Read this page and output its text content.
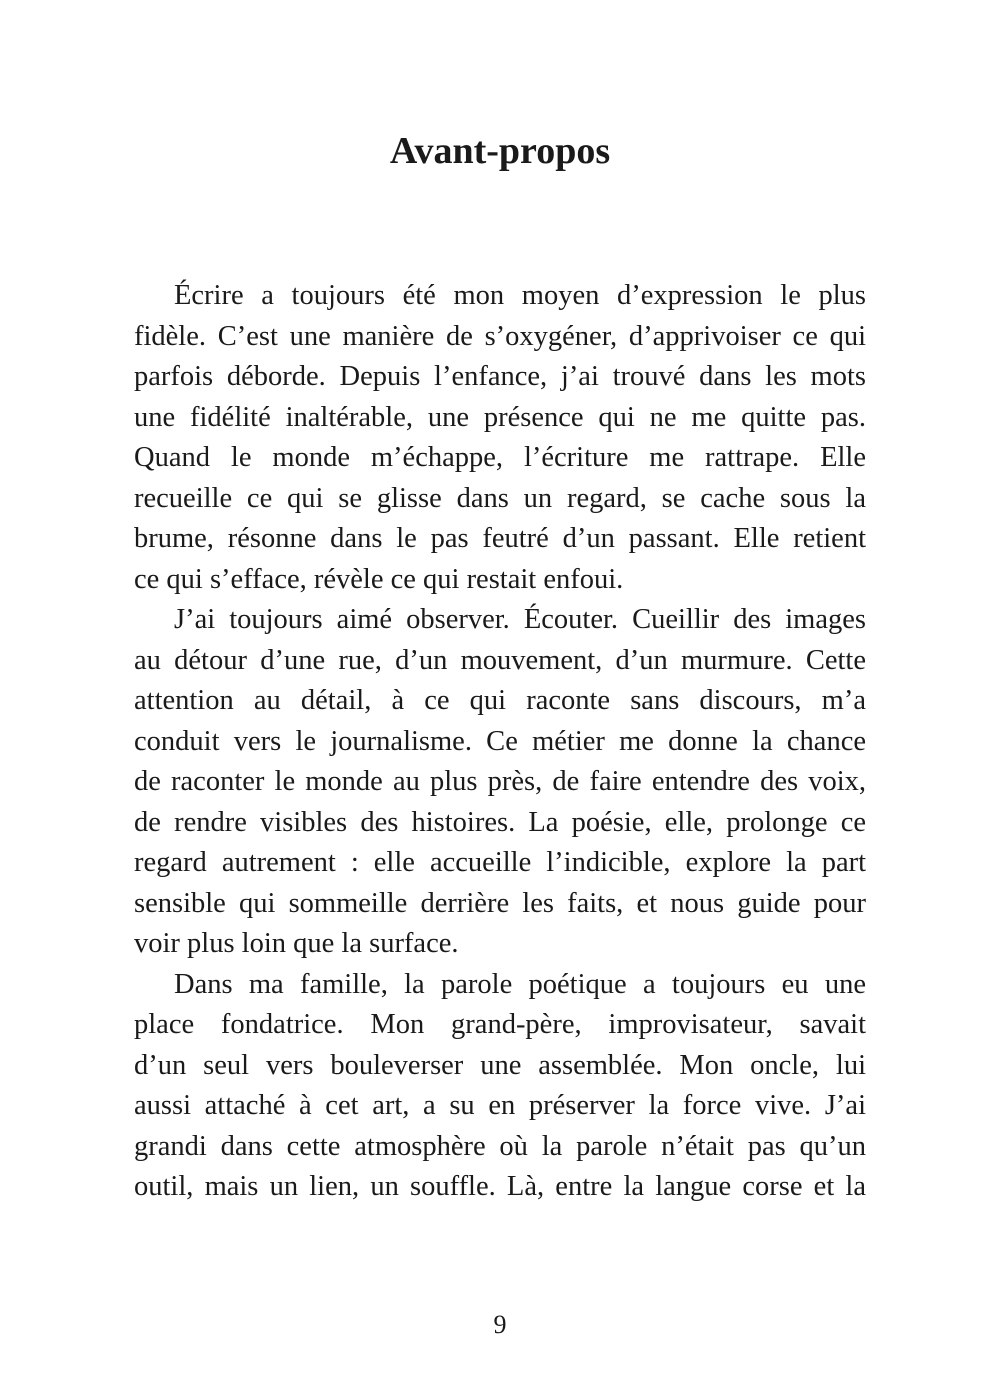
Avant-propos
Écrire a toujours été mon moyen d’expression le plus
fidèle. C’est une manière de s’oxygéner, d’apprivoiser ce qui
parfois déborde. Depuis l’enfance, j’ai trouvé dans les mots
une fidélité inaltérable, une présence qui ne me quitte pas.
Quand le monde m’échappe, l’écriture me rattrape. Elle
recueille ce qui se glisse dans un regard, se cache sous la
brume, résonne dans le pas feutré d’un passant. Elle retient
ce qui s’efface, révèle ce qui restait enfoui.
J’ai toujours aimé observer. Écouter. Cueillir des images
au détour d’une rue, d’un mouvement, d’un murmure. Cette
attention au détail, à ce qui raconte sans discours, m’a
conduit vers le journalisme. Ce métier me donne la chance
de raconter le monde au plus près, de faire entendre des voix,
de rendre visibles des histoires. La poésie, elle, prolonge ce
regard autrement : elle accueille l’indicible, explore la part
sensible qui sommeille derrière les faits, et nous guide pour
voir plus loin que la surface.
Dans ma famille, la parole poétique a toujours eu une
place fondatrice. Mon grand-père, improvisateur, savait
d’un seul vers bouleverser une assemblée. Mon oncle, lui
aussi attaché à cet art, a su en préserver la force vive. J’ai
grandi dans cette atmosphère où la parole n’était pas qu’un
outil, mais un lien, un souffle. Là, entre la langue corse et la
9
